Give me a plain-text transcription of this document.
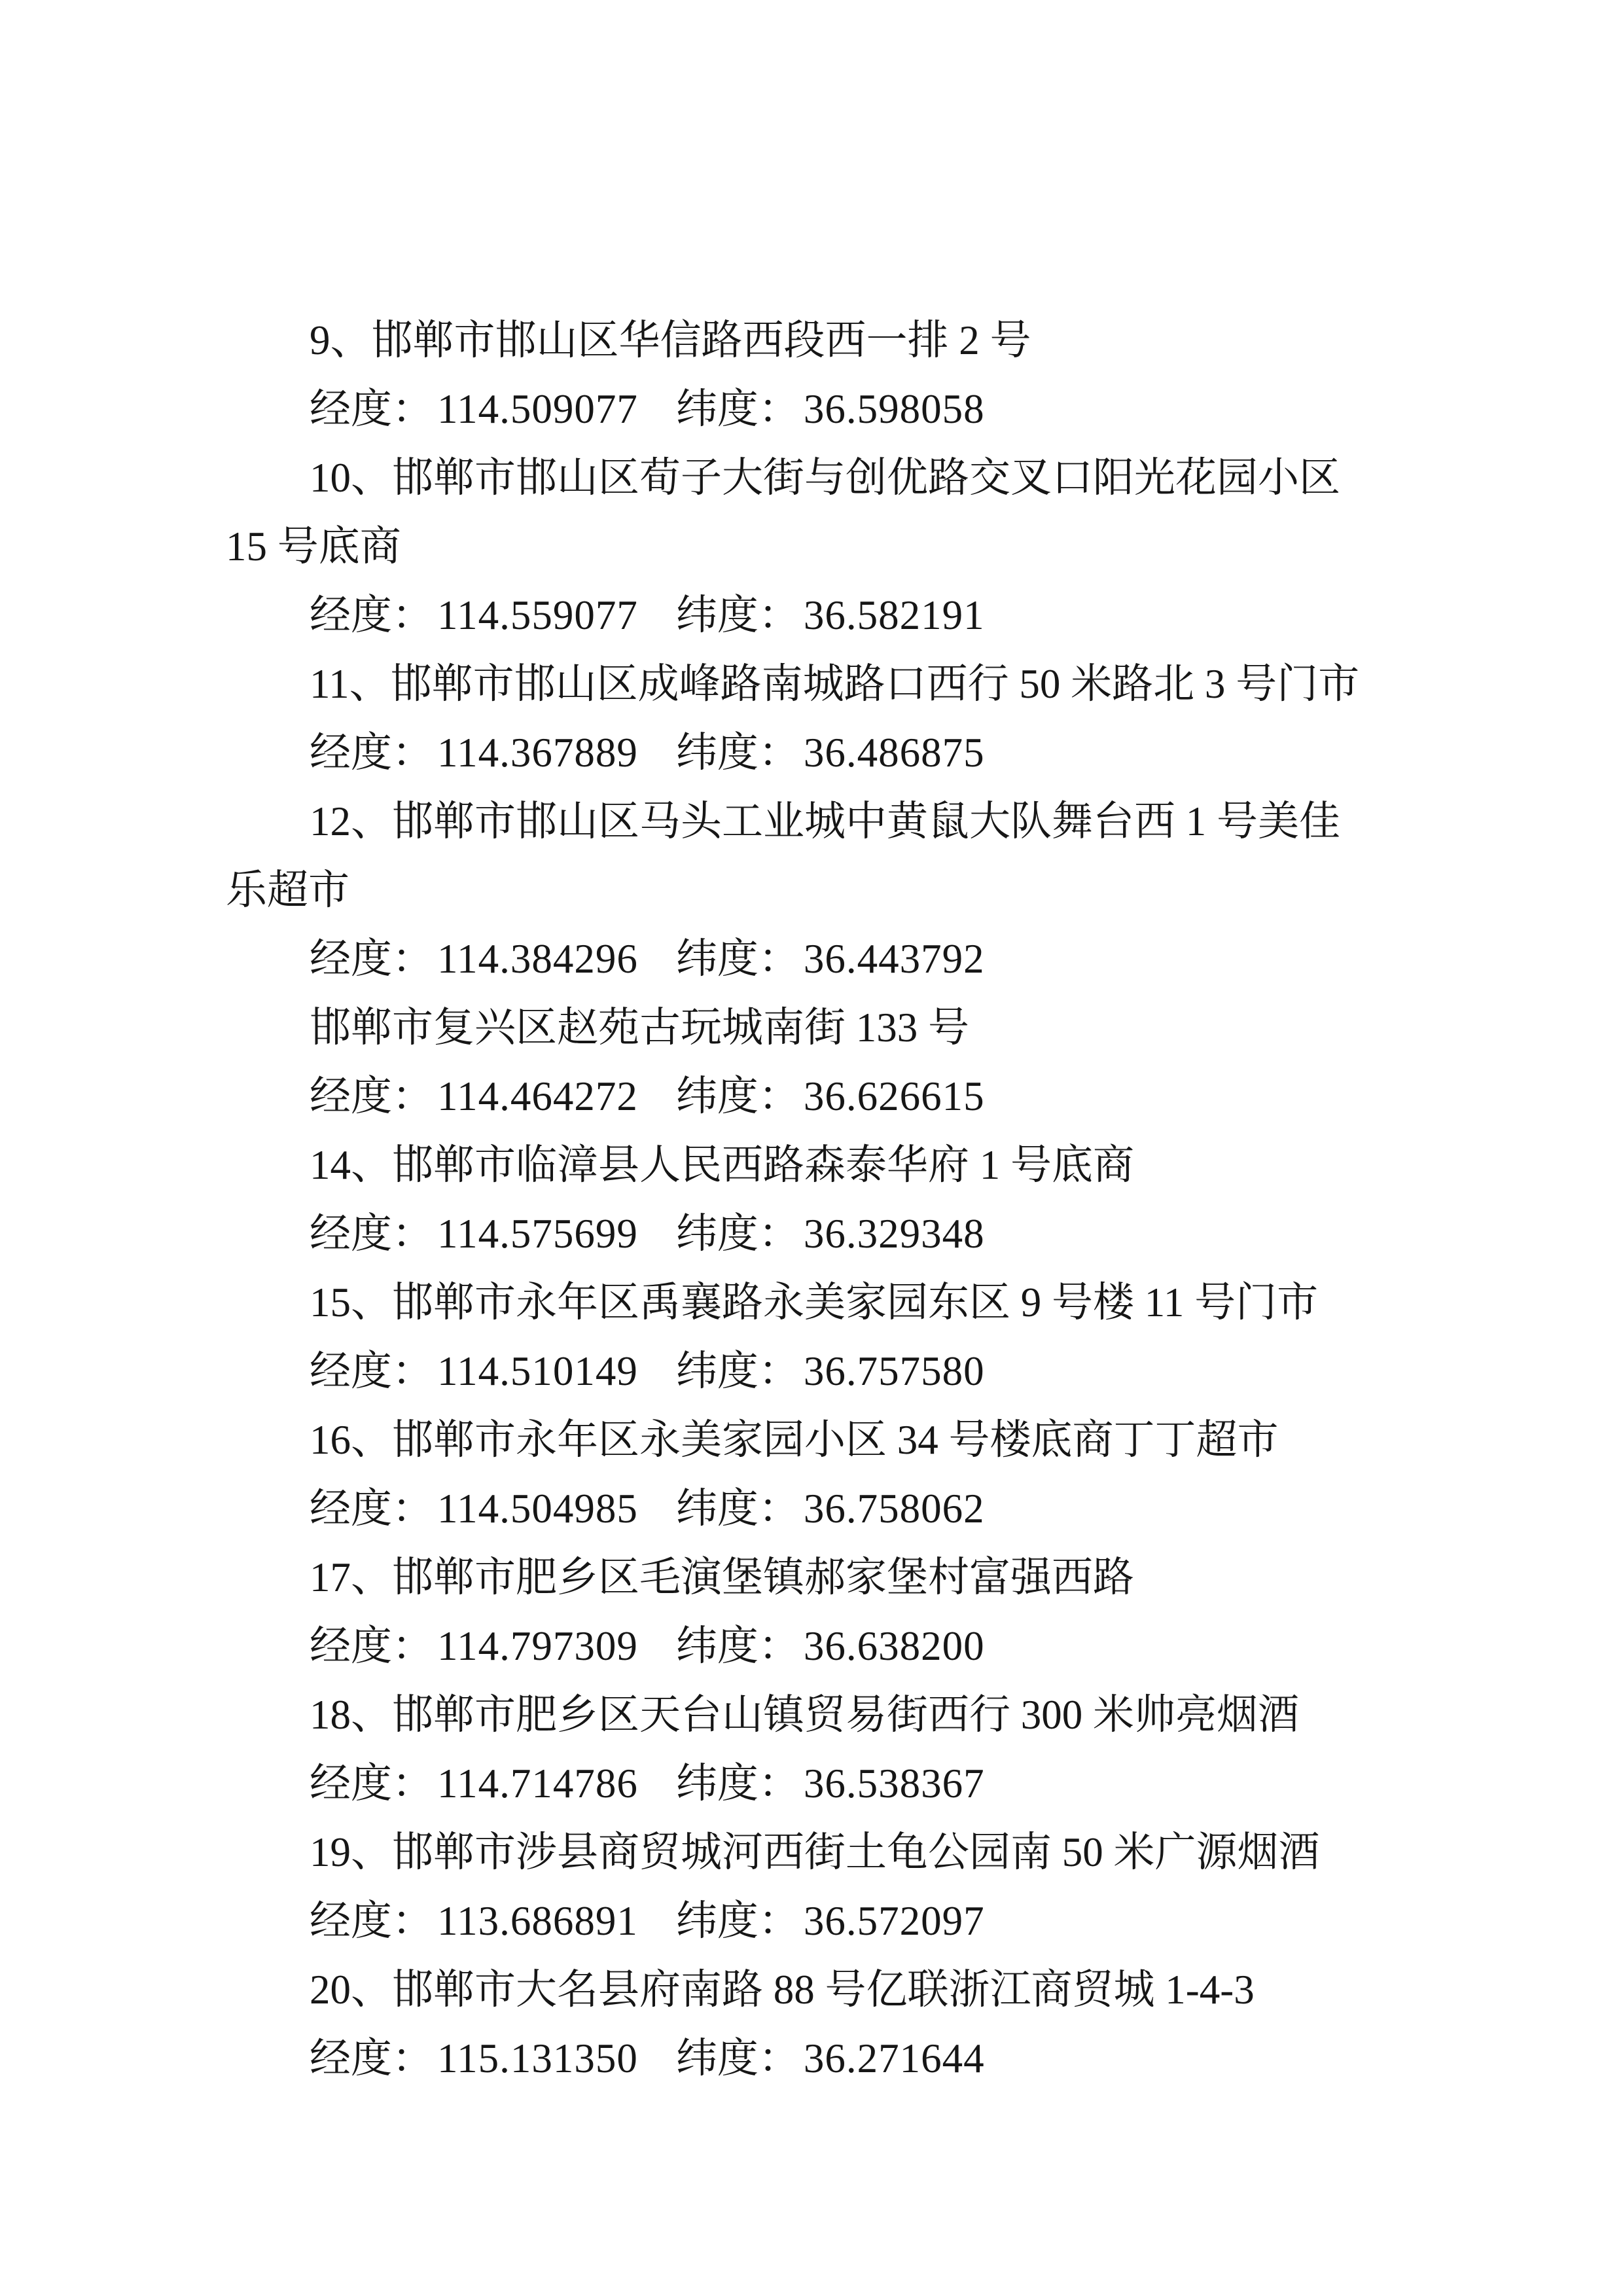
9、邯郸市邯山区华信路西段西一排 2 号

经度：114.509077 纬度：36.598058

10、邯郸市邯山区荀子大街与创优路交叉口阳光花园小区

15 号底商

经度：114.559077 纬度：36.582191

11、邯郸市邯山区成峰路南城路口西行 50 米路北 3 号门市

经度：114.367889 纬度：36.486875

12、邯郸市邯山区马头工业城中黄鼠大队舞台西 1 号美佳

乐超市

经度：114.384296 纬度：36.443792

邯郸市复兴区赵苑古玩城南街 133 号

经度：114.464272 纬度：36.626615

14、邯郸市临漳县人民西路森泰华府 1 号底商

经度：114.575699 纬度：36.329348

15、邯郸市永年区禹襄路永美家园东区 9 号楼 11 号门市

经度：114.510149 纬度：36.757580

16、邯郸市永年区永美家园小区 34 号楼底商丁丁超市

经度：114.504985 纬度：36.758062

17、邯郸市肥乡区毛演堡镇郝家堡村富强西路

经度：114.797309 纬度：36.638200

18、邯郸市肥乡区天台山镇贸易街西行 300 米帅亮烟酒

经度：114.714786 纬度：36.538367

19、邯郸市涉县商贸城河西街土龟公园南 50 米广源烟酒

经度：113.686891 纬度：36.572097

20、邯郸市大名县府南路 88 号亿联浙江商贸城 1-4-3

经度：115.131350 纬度：36.271644
